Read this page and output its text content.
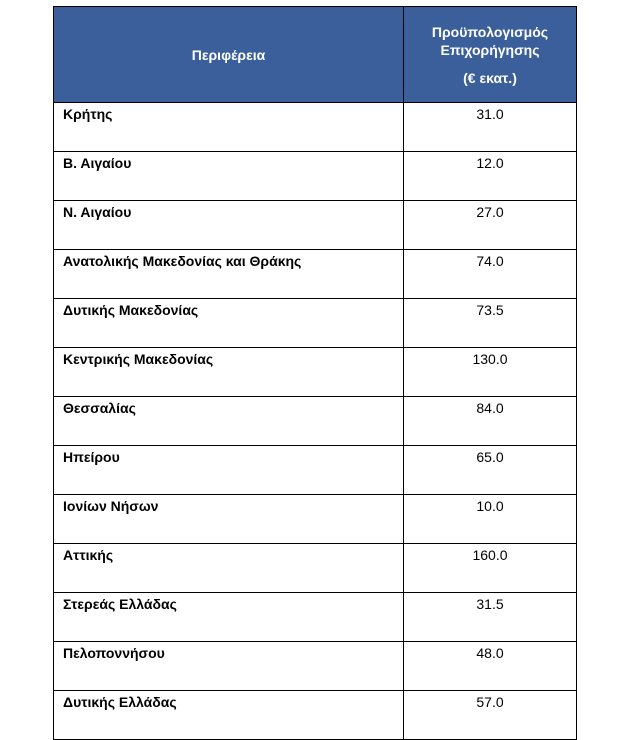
Περιφέρεια	Προϋπολογισμός
Επιχορήγησης
(€ εκατ.)

Κρήτης	31.0
Β. Αιγαίου	12.0
Ν. Αιγαίου	27.0
Ανατολικής Μακεδονίας και Θράκης	74.0
Δυτικής Μακεδονίας	73.5
Κεντρικής Μακεδονίας	130.0
Θεσσαλίας	84.0
Ηπείρου	65.0
Ιονίων Νήσων	10.0
Αττικής	160.0
Στερεάς Ελλάδας	31.5
Πελοποννήσου	48.0
Δυτικής Ελλάδας	57.0
